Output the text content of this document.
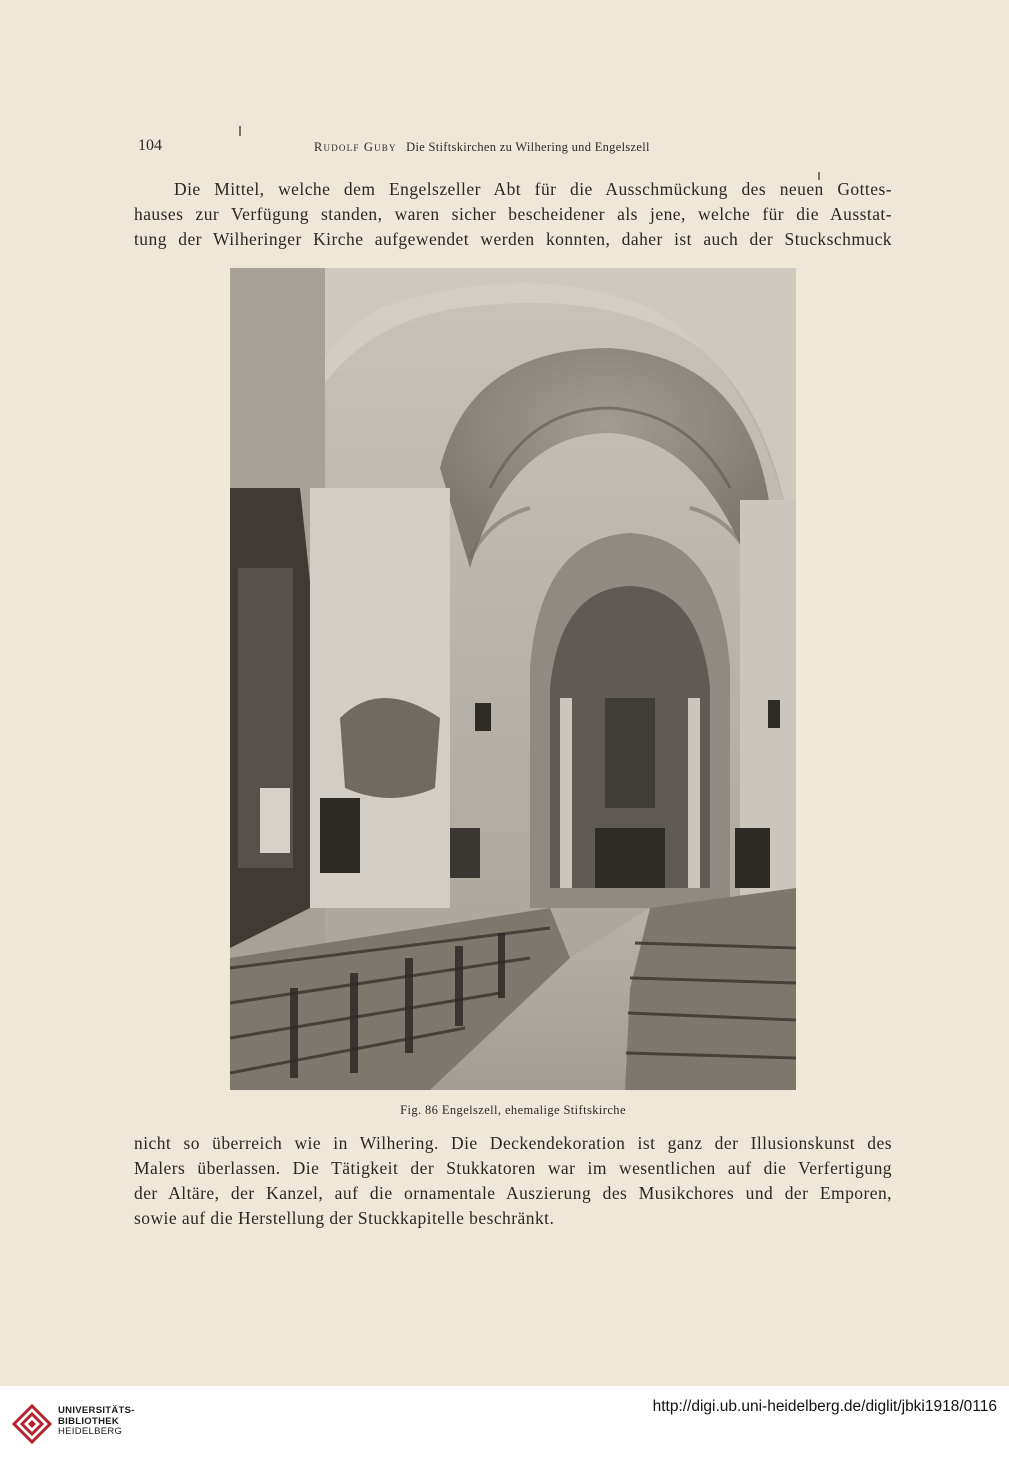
104	Rudolf Guby Die Stiftskirchen zu Wilhering und Engelszell
Die Mittel, welche dem Engelszeller Abt für die Ausschmückung des neuen Gottes-
hauses zur Verfügung standen, waren sicher bescheidener als jene, welche für die Ausstat-
tung der Wilheringer Kirche aufgewendet werden konnten, daher ist auch der Stuckschmuck
Fig. 86 Engelszell, ehemalige Stiftskirche
nicht so überreich wie in Wilhering. Die Deckendekoration ist ganz der Illusionskunst des
Malers überlassen. Die Tätigkeit der Stukkatoren war im wesentlichen auf die Verfertigung
der Altäre, der Kanzel, auf die ornamentale Auszierung des Musikchores und der Emporen,
sowie auf die Herstellung der Stuckkapitelle beschränkt.
UNIVERSITÄTS-
BIBLIOTHEK
HEIDELBERG
http://digi.ub.uni-heidelberg.de/diglit/jbki1918/0116
